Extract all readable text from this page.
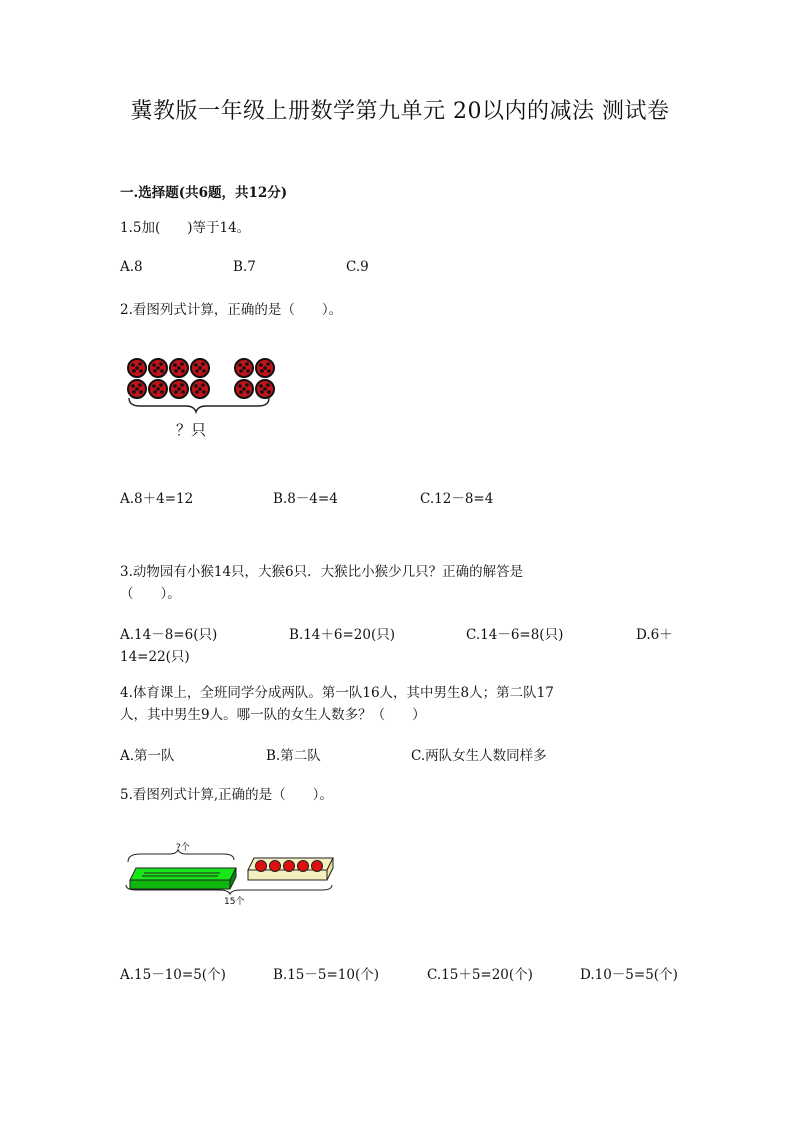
冀教版一年级上册数学第九单元 20以内的减法 测试卷
一.选择题(共6题，共12分)
1.5加(　　)等于14。
A.8	B.7	C.9
2.看图列式计算，正确的是（　　）。
？只
A.8＋4=12	B.8－4=4	C.12－8=4
3.动物园有小猴14只，大猴6只．大猴比小猴少几只？正确的解答是
（　　）。
A.14－8=6(只)	B.14＋6=20(只)	C.14－6=8(只)	D.6＋
14=22(只)
4.体育课上，全班同学分成两队。第一队16人，其中男生8人；第二队17
人，其中男生9人。哪一队的女生人数多？（　　）
A.第一队	B.第二队	C.两队女生人数同样多
5.看图列式计算,正确的是（　　）。
?个
15个
A.15－10=5(个)	B.15－5=10(个)	C.15＋5=20(个)	D.10－5=5(个)
